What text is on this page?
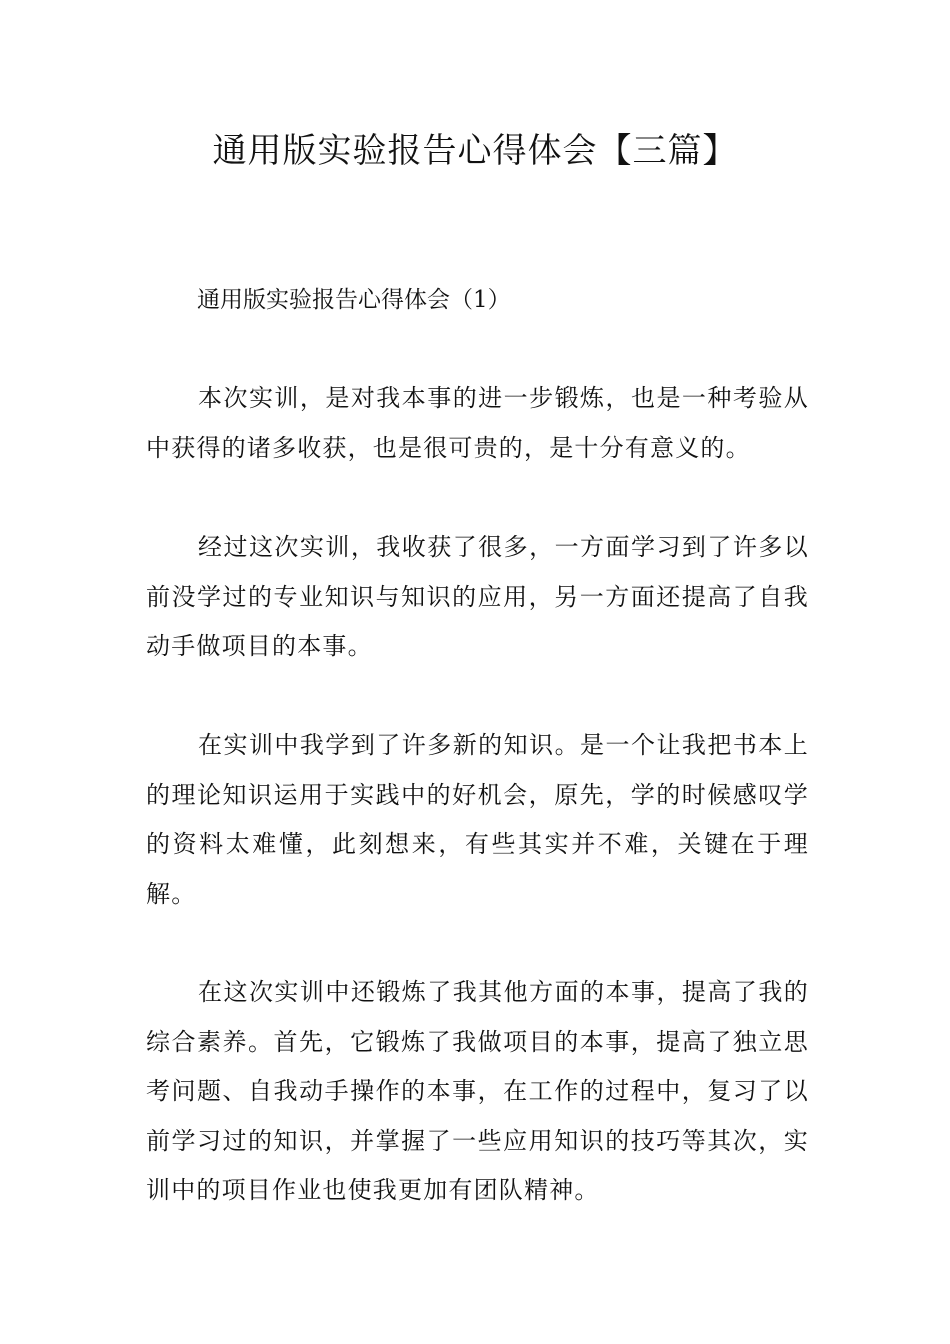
通用版实验报告心得体会【三篇】

通用版实验报告心得体会（1）

本次实训，是对我本事的进一步锻炼，也是一种考验从中获得的诸多收获，也是很可贵的，是十分有意义的。

经过这次实训，我收获了很多，一方面学习到了许多以前没学过的专业知识与知识的应用，另一方面还提高了自我动手做项目的本事。

在实训中我学到了许多新的知识。是一个让我把书本上的理论知识运用于实践中的好机会，原先，学的时候感叹学的资料太难懂，此刻想来，有些其实并不难，关键在于理解。

在这次实训中还锻炼了我其他方面的本事，提高了我的综合素养。首先，它锻炼了我做项目的本事，提高了独立思考问题、自我动手操作的本事，在工作的过程中，复习了以前学习过的知识，并掌握了一些应用知识的技巧等其次，实训中的项目作业也使我更加有团队精神。
